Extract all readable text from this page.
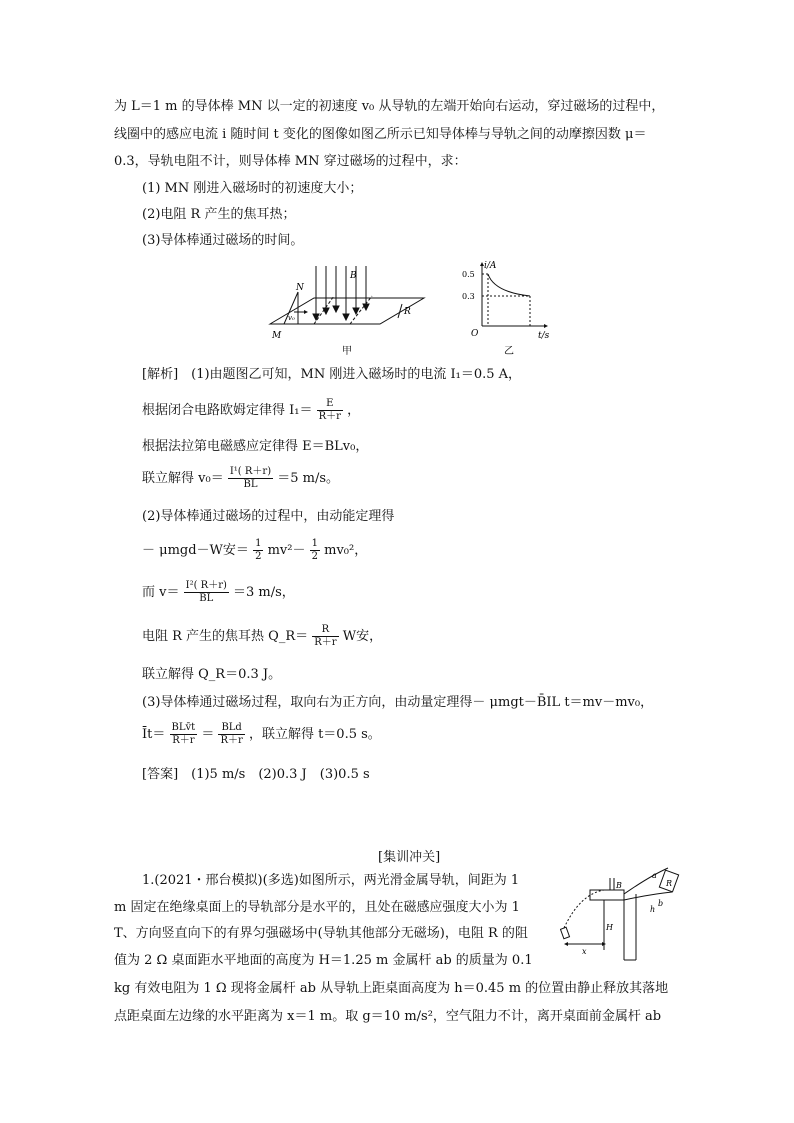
为 L＝1 m 的导体棒 MN 以一定的初速度 v₀ 从导轨的左端开始向右运动，穿过磁场的过程中，
线圈中的感应电流 i 随时间 t 变化的图像如图乙所示已知导体棒与导轨之间的动摩擦因数 μ＝
0.3，导轨电阻不计，则导体棒 MN 穿过磁场的过程中，求：
(1) MN 刚进入磁场时的初速度大小；
(2)电阻 R 产生的焦耳热；
(3)导体棒通过磁场的时间。
N
M
B
R
v₀
甲
i/A
t/s
O
0.5
0.3
乙
[解析]　(1)由题图乙可知，MN 刚进入磁场时的电流 I₁＝0.5 A，
根据闭合电路欧姆定律得 $I_1= \frac{E}{R+r}$ ，
根据法拉第电磁感应定律得 E＝BLv₀，
联立解得 $v_0= \frac{\text{I¹( R＋r)}}{BL} =5$ m/s。
(2)导体棒通过磁场的过程中，由动能定理得
－ μmgd－W安＝ $\frac{1}{2} mv^2- \frac{1}{2} mv_0^2$，
而 $v= \frac{\text{I²( R＋r)}}{BL} =3$ m/s，
电阻 R 产生的焦耳热 Q_R＝ $\frac{R}{R+r}$ W安，
联立解得 Q_R＝0.3 J。
(3)导体棒通过磁场过程，取向右为正方向，由动量定理得－ μmgt－B̄IL t＝mv－mv₀，
Īt＝ $\frac{\text{BLv̄t}}{R+r} = \frac{\text{BLd}}{R+r}$ ，联立解得 t＝0.5 s。
[答案]　(1)5 m/s　(2)0.3 J　(3)0.5 s
[集训冲关]
1.(2021・邢台模拟)(多选)如图所示，两光滑金属导轨，间距为 1
m 固定在绝缘桌面上的导轨部分是水平的，且处在磁感应强度大小为 1
T、方向竖直向下的有界匀强磁场中(导轨其他部分无磁场)，电阻 R 的阻
值为 2 Ω 桌面距水平地面的高度为 H＝1.25 m 金属杆 ab 的质量为 0.1
kg 有效电阻为 1 Ω 现将金属杆 ab 从导轨上距桌面高度为 h＝0.45 m 的位置由静止释放其落地
点距桌面左边缘的水平距离为 x＝1 m。取 g＝10 m/s²，空气阻力不计，离开桌面前金属杆 ab
a
b
R
B
H
h
x
